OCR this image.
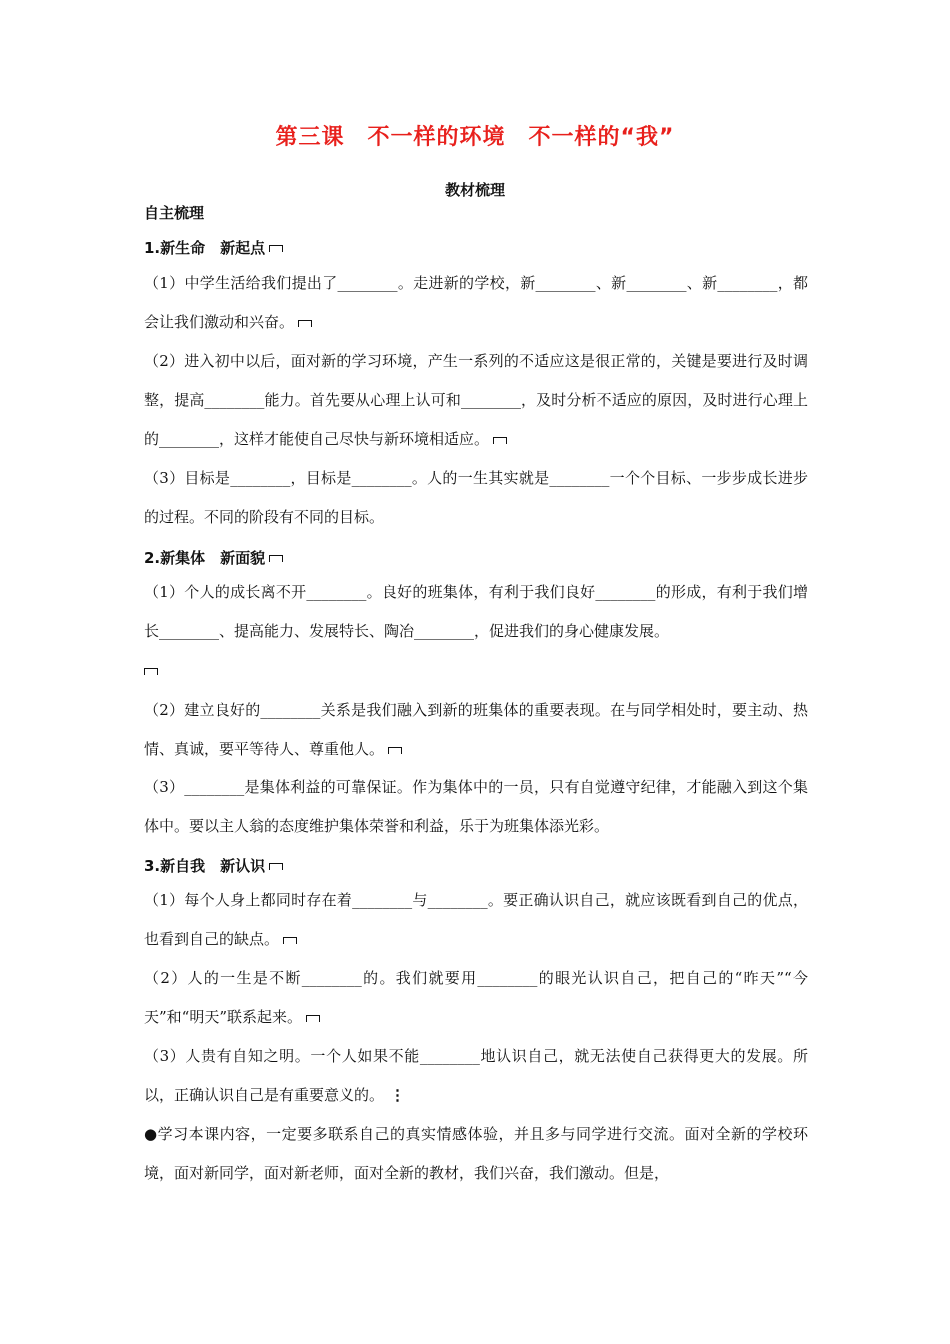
第三课　不一样的环境　不一样的“我”
教材梳理
自主梳理
1.新生命　新起点
（1）中学生活给我们提出了________。走进新的学校，新________、新________、新________，都会让我们激动和兴奋。
（2）进入初中以后，面对新的学习环境，产生一系列的不适应这是很正常的，关键是要进行及时调整，提高________能力。首先要从心理上认可和________，及时分析不适应的原因，及时进行心理上的________，这样才能使自己尽快与新环境相适应。
（3）目标是________，目标是________。人的一生其实就是________一个个目标、一步步成长进步的过程。不同的阶段有不同的目标。
2.新集体　新面貌
（1）个人的成长离不开________。良好的班集体，有利于我们良好________的形成，有利于我们增长________、提高能力、发展特长、陶冶________，促进我们的身心健康发展。

（2）建立良好的________关系是我们融入到新的班集体的重要表现。在与同学相处时，要主动、热情、真诚，要平等待人、尊重他人。
（3）________是集体利益的可靠保证。作为集体中的一员，只有自觉遵守纪律，才能融入到这个集体中。要以主人翁的态度维护集体荣誉和利益，乐于为班集体添光彩。
3.新自我　新认识
（1）每个人身上都同时存在着________与________。要正确认识自己，就应该既看到自己的优点，也看到自己的缺点。
（2）人的一生是不断________的。我们就要用________的眼光认识自己，把自己的“昨天”“今天”和“明天”联系起来。
（3）人贵有自知之明。一个人如果不能________地认识自己，就无法使自己获得更大的发展。所以，正确认识自己是有重要意义的。 ⋮
●学习本课内容，一定要多联系自己的真实情感体验，并且多与同学进行交流。面对全新的学校环境，面对新同学，面对新老师，面对全新的教材，我们兴奋，我们激动。但是，
